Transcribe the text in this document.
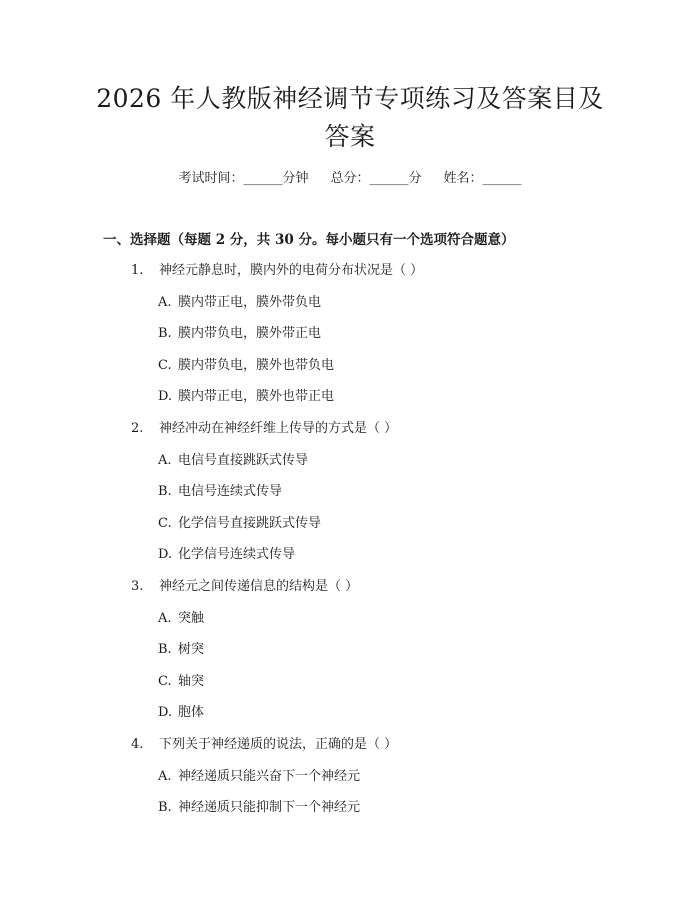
2026 年人教版神经调节专项练习及答案目及
答案
考试时间：______分钟 总分：______分 姓名：______
一、选择题（每题 2 分，共 30 分。每小题只有一个选项符合题意）
1. 神经元静息时，膜内外的电荷分布状况是（ ）
A. 膜内带正电，膜外带负电
B. 膜内带负电，膜外带正电
C. 膜内带负电，膜外也带负电
D. 膜内带正电，膜外也带正电
2. 神经冲动在神经纤维上传导的方式是（ ）
A. 电信号直接跳跃式传导
B. 电信号连续式传导
C. 化学信号直接跳跃式传导
D. 化学信号连续式传导
3. 神经元之间传递信息的结构是（ ）
A. 突触
B. 树突
C. 轴突
D. 胞体
4. 下列关于神经递质的说法，正确的是（ ）
A. 神经递质只能兴奋下一个神经元
B. 神经递质只能抑制下一个神经元
